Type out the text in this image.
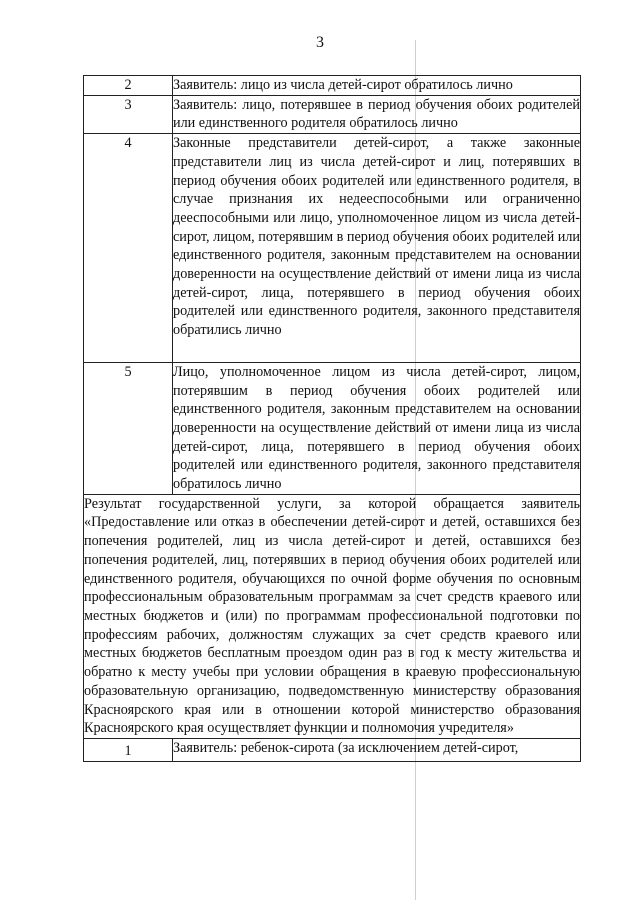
3
2	Заявитель: лицо из числа детей-сирот обратилось лично
3	Заявитель: лицо, потерявшее в период обучения обоих родителей или единственного родителя обратилось лично
4	Законные представители детей-сирот, а также законные представители лиц из числа детей-сирот и лиц, потерявших в период обучения обоих родителей или единственного родителя, в случае признания их недееспособными или ограниченно дееспособными или лицо, уполномоченное лицом из числа детей-сирот, лицом, потерявшим в период обучения обоих родителей или единственного родителя, законным представителем на основании доверенности на осуществление действий от имени лица из числа детей-сирот, лица, потерявшего в период обучения обоих родителей или единственного родителя, законного представителя обратились лично
5	Лицо, уполномоченное лицом из числа детей-сирот, лицом, потерявшим в период обучения обоих родителей или единственного родителя, законным представителем на основании доверенности на осуществление действий от имени лица из числа детей-сирот, лица, потерявшего в период обучения обоих родителей или единственного родителя, законного представителя обратилось лично
Результат государственной услуги, за которой обращается заявитель «Предоставление или отказ в обеспечении детей-сирот и детей, оставшихся без попечения родителей, лиц из числа детей-сирот и детей, оставшихся без попечения родителей, лиц, потерявших в период обучения обоих родителей или единственного родителя, обучающихся по очной форме обучения по основным профессиональным образовательным программам за счет средств краевого или местных бюджетов и (или) по программам профессиональной подготовки по профессиям рабочих, должностям служащих за счет средств краевого или местных бюджетов бесплатным проездом один раз в год к месту жительства и обратно к месту учебы при условии обращения в краевую профессиональную образовательную организацию, подведомственную министерству образования Красноярского края или в отношении которой министерство образования Красноярского края осуществляет функции и полномочия учредителя»	
1	Заявитель: ребенок-сирота (за исключением детей-сирот,
